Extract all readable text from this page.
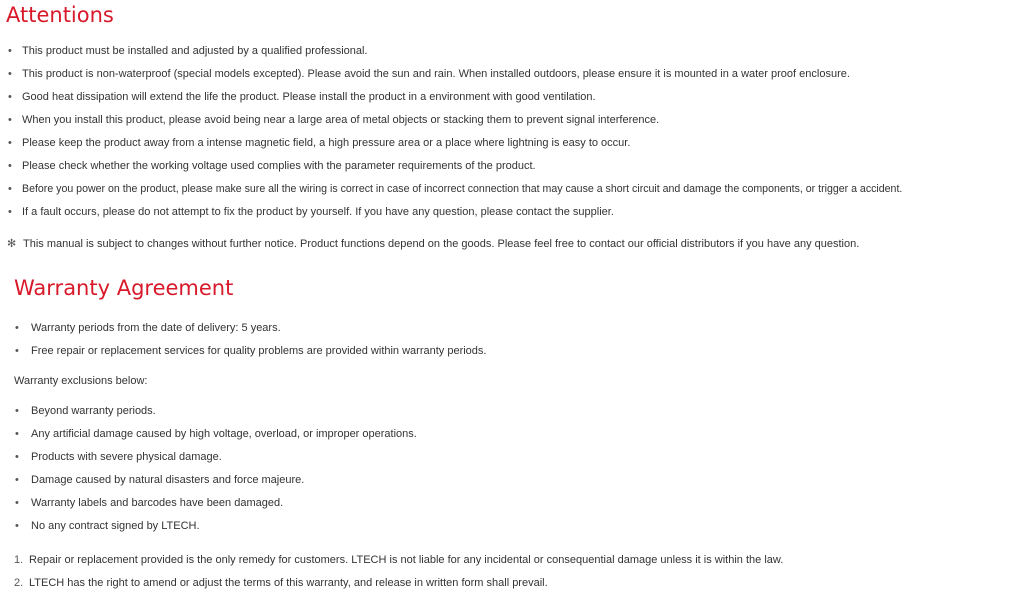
Attentions
• This product must be installed and adjusted by a qualified professional.
• This product is non-waterproof (special models excepted). Please avoid the sun and rain. When installed outdoors, please ensure it is mounted in a water proof enclosure.
• Good heat dissipation will extend the life the product. Please install the product in a environment with good ventilation.
• When you install this product, please avoid being near a large area of metal objects or stacking them to prevent signal interference.
• Please keep the product away from a intense magnetic field, a high pressure area or a place where lightning is easy to occur.
• Please check whether the working voltage used complies with the parameter requirements of the product.
• Before you power on the product, please make sure all the wiring is correct in case of incorrect connection that may cause a short circuit and damage the components, or trigger a accident.
• If a fault occurs, please do not attempt to fix the product by yourself. If you have any question, please contact the supplier.
✻ This manual is subject to changes without further notice. Product functions depend on the goods. Please feel free to contact our official distributors if you have any question.
Warranty Agreement
• Warranty periods from the date of delivery: 5 years.
• Free repair or replacement services for quality problems are provided within warranty periods.
Warranty exclusions below:
• Beyond warranty periods.
• Any artificial damage caused by high voltage, overload, or improper operations.
• Products with severe physical damage.
• Damage caused by natural disasters and force majeure.
• Warranty labels and barcodes have been damaged.
• No any contract signed by LTECH.
1. Repair or replacement provided is the only remedy for customers. LTECH is not liable for any incidental or consequential damage unless it is within the law.
2. LTECH has the right to amend or adjust the terms of this warranty, and release in written form shall prevail.
